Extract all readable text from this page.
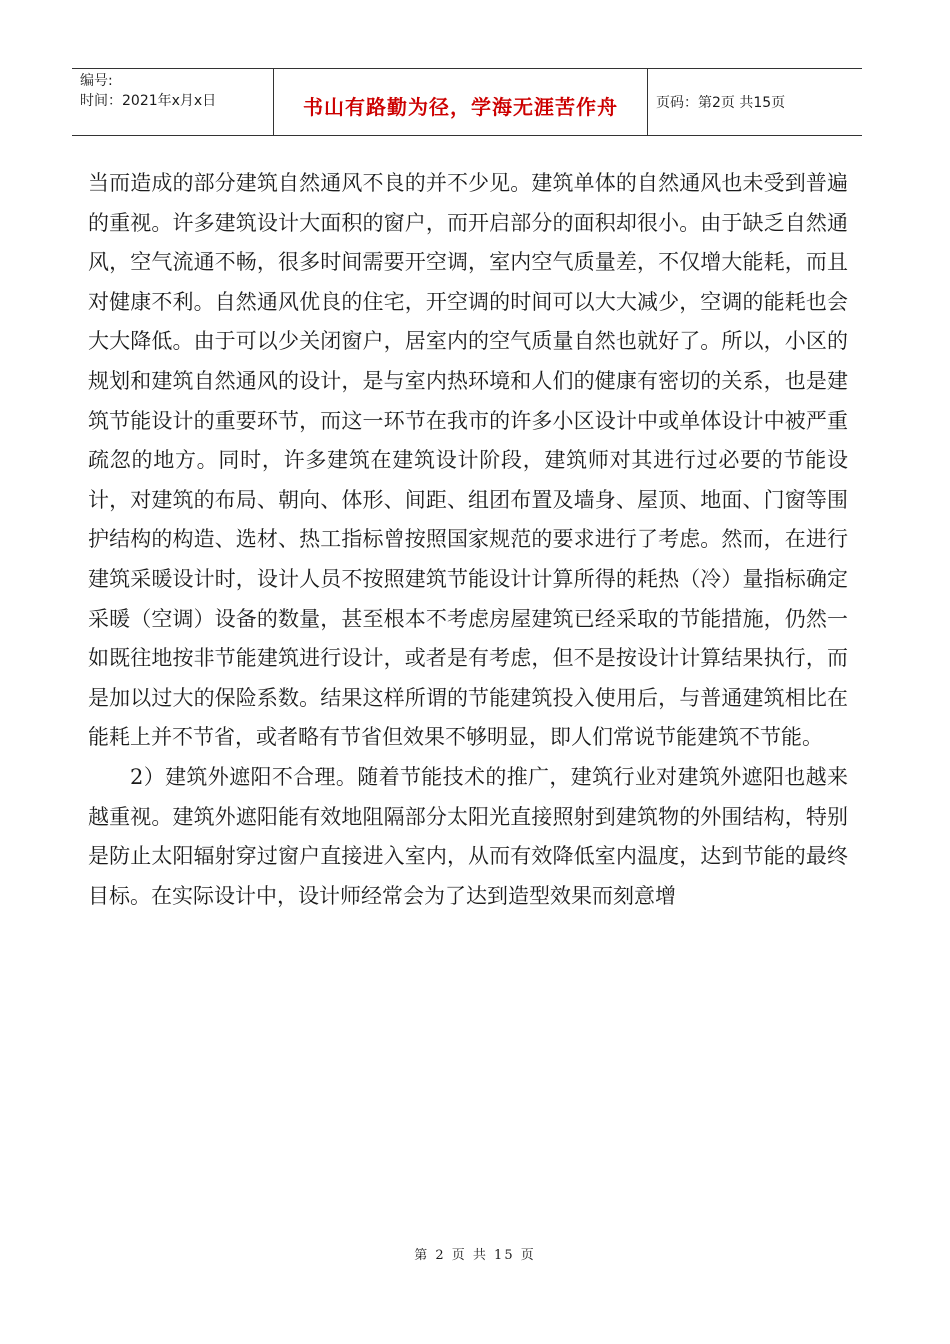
编号:
时间：2021年x月x日	书山有路勤为径，学海无涯苦作舟	页码：第2页 共15页

当而造成的部分建筑自然通风不良的并不少见。建筑单体的自然通风也未受到普遍的重视。许多建筑设计大面积的窗户，而开启部分的面积却很小。由于缺乏自然通风，空气流通不畅，很多时间需要开空调，室内空气质量差，不仅增大能耗，而且对健康不利。自然通风优良的住宅，开空调的时间可以大大减少，空调的能耗也会大大降低。由于可以少关闭窗户，居室内的空气质量自然也就好了。所以，小区的规划和建筑自然通风的设计，是与室内热环境和人们的健康有密切的关系，也是建筑节能设计的重要环节，而这一环节在我市的许多小区设计中或单体设计中被严重疏忽的地方。同时，许多建筑在建筑设计阶段，建筑师对其进行过必要的节能设计，对建筑的布局、朝向、体形、间距、组团布置及墙身、屋顶、地面、门窗等围护结构的构造、选材、热工指标曾按照国家规范的要求进行了考虑。然而，在进行建筑采暖设计时，设计人员不按照建筑节能设计计算所得的耗热（冷）量指标确定采暖（空调）设备的数量，甚至根本不考虑房屋建筑已经采取的节能措施，仍然一如既往地按非节能建筑进行设计，或者是有考虑，但不是按设计计算结果执行，而是加以过大的保险系数。结果这样所谓的节能建筑投入使用后，与普通建筑相比在能耗上并不节省，或者略有节省但效果不够明显，即人们常说节能建筑不节能。

2）建筑外遮阳不合理。随着节能技术的推广，建筑行业对建筑外遮阳也越来越重视。建筑外遮阳能有效地阻隔部分太阳光直接照射到建筑物的外围结构，特别是防止太阳辐射穿过窗户直接进入室内，从而有效降低室内温度，达到节能的最终目标。在实际设计中，设计师经常会为了达到造型效果而刻意增

第 2 页 共 15 页
